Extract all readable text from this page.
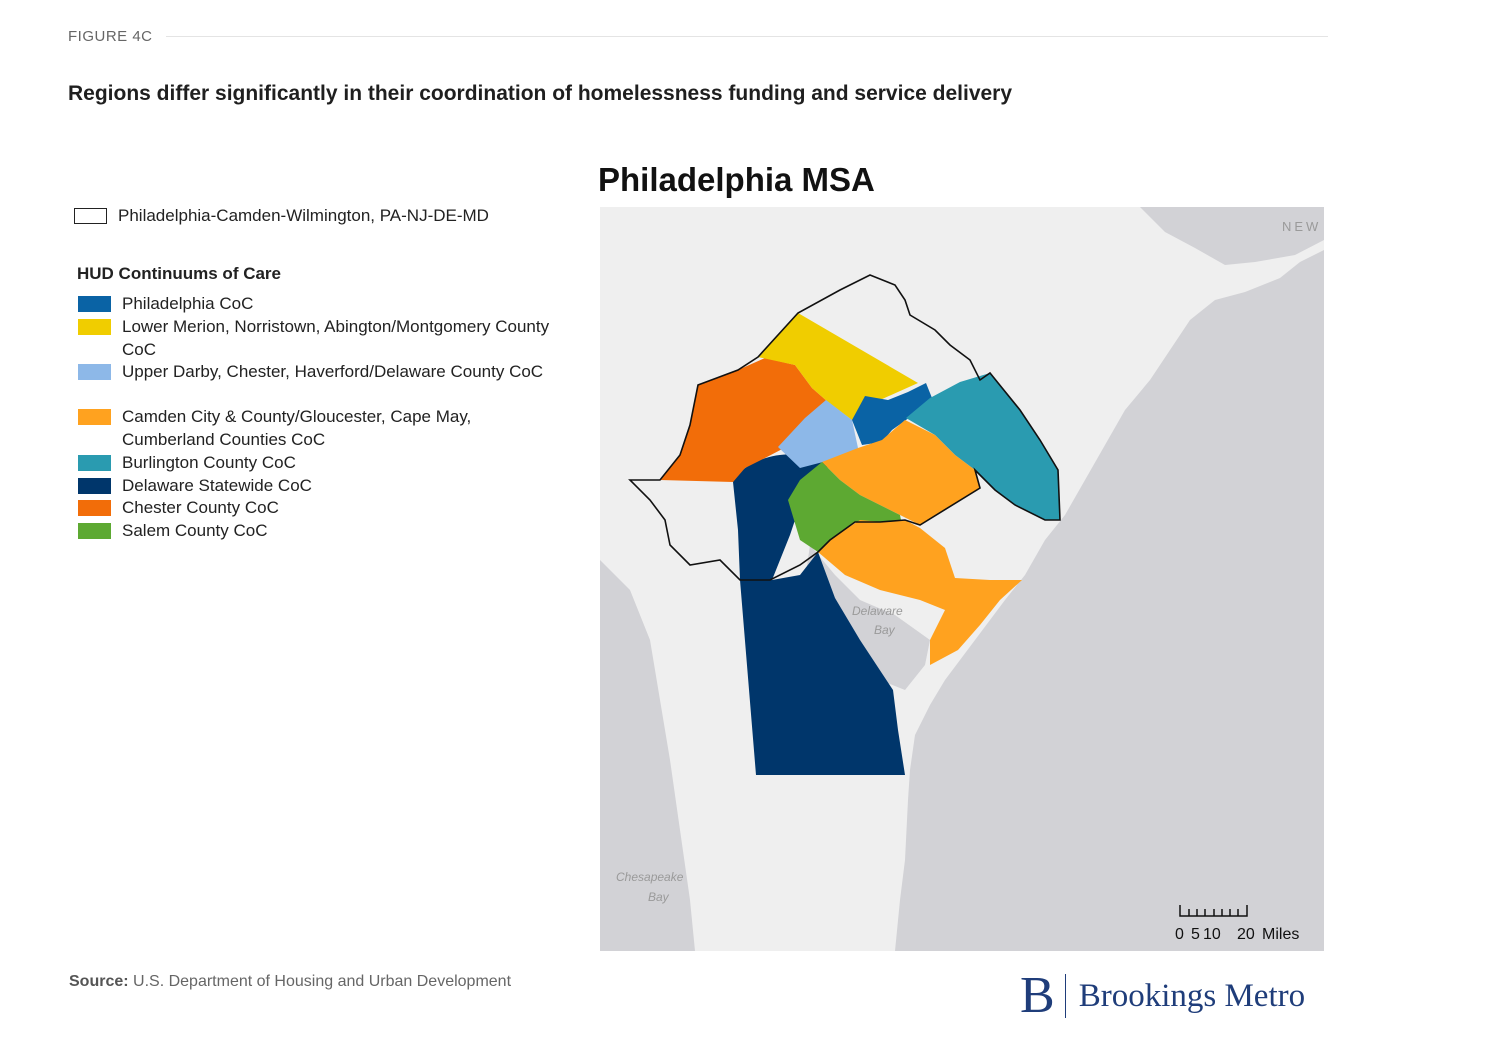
FIGURE 4C
Regions differ significantly in their coordination of homelessness funding and service delivery
Philadelphia-Camden-Wilmington, PA-NJ-DE-MD
HUD Continuums of Care
Philadelphia CoC
Lower Merion, Norristown, Abington/Montgomery County CoC
Upper Darby, Chester, Haverford/Delaware County CoC
Camden City & County/Gloucester, Cape May, Cumberland Counties CoC
Burlington County CoC
Delaware Statewide CoC
Chester County CoC
Salem County CoC
Philadelphia MSA
NEW
Delaware
Bay
Chesapeake
Bay
0 5 10 20 Miles
Source: U.S. Department of Housing and Urban Development	B Brookings Metro
